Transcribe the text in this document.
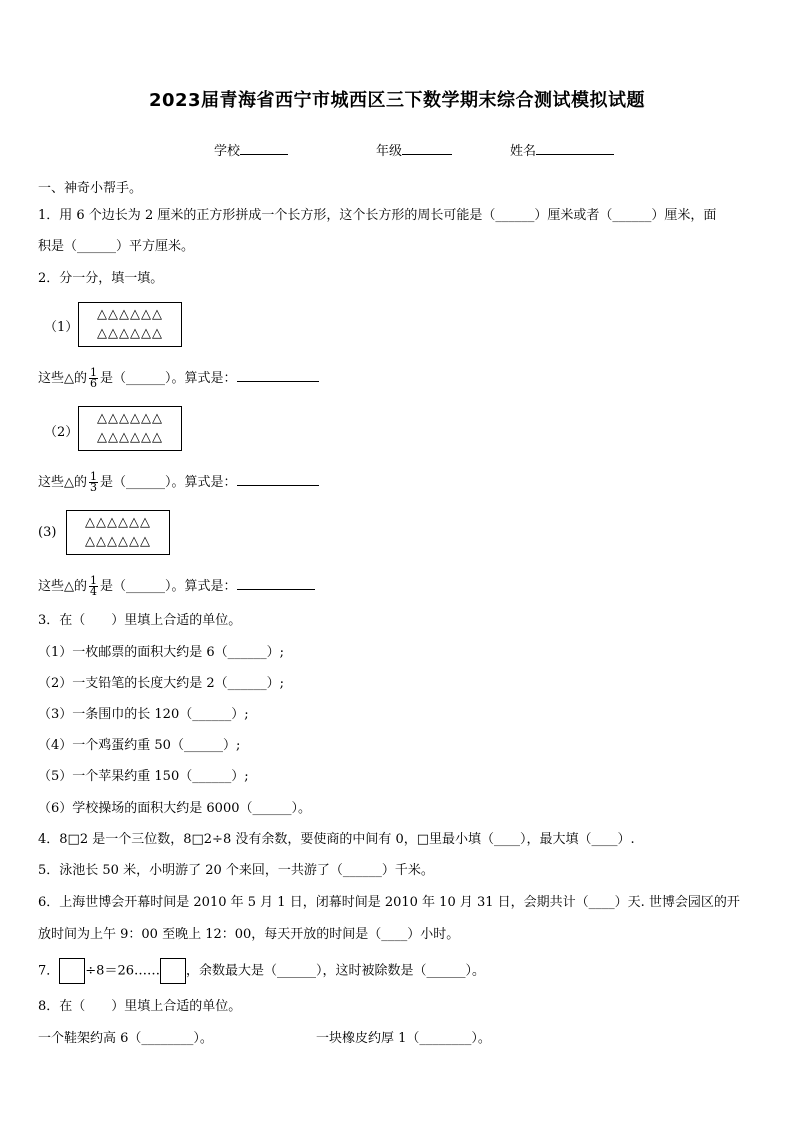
2023届青海省西宁市城西区三下数学期末综合测试模拟试题
学校	年级	姓名
一、神奇小帮手。
1．用 6 个边长为 2 厘米的正方形拼成一个长方形，这个长方形的周长可能是（______）厘米或者（______）厘米，面
积是（______）平方厘米。
2．分一分，填一填。
（1）
△△△△△△
△△△△△△
这些△的 $\frac{1}{6}$ 是（______）。算式是：
（2）
△△△△△△
△△△△△△
这些△的 $\frac{1}{3}$ 是（______）。算式是：
(3)
△△△△△△
△△△△△△
这些△的 $\frac{1}{4}$ 是（______）。算式是：
3．在（　　）里填上合适的单位。
（1）一枚邮票的面积大约是 6（______）;
（2）一支铅笔的长度大约是 2（______）;
（3）一条围巾的长 120（______）;
（4）一个鸡蛋约重 50（______）;
（5）一个苹果约重 150（______）;
（6）学校操场的面积大约是 6000（______）。
4．8□2 是一个三位数，8□2÷8 没有余数，要使商的中间有 0，□里最小填（____），最大填（____）.
5．泳池长 50 米，小明游了 20 个来回，一共游了（______）千米。
6．上海世博会开幕时间是 2010 年 5 月 1 日，闭幕时间是 2010 年 10 月 31 日，会期共计（____）天. 世博会园区的开
放时间为上午 9：00 至晚上 12：00，每天开放的时间是（____）小时。
7． ÷8＝26…… ，余数最大是（______），这时被除数是（______）。
8．在（　　）里填上合适的单位。
一个鞋架约高 6（________）。	一块橡皮约厚 1（________）。
